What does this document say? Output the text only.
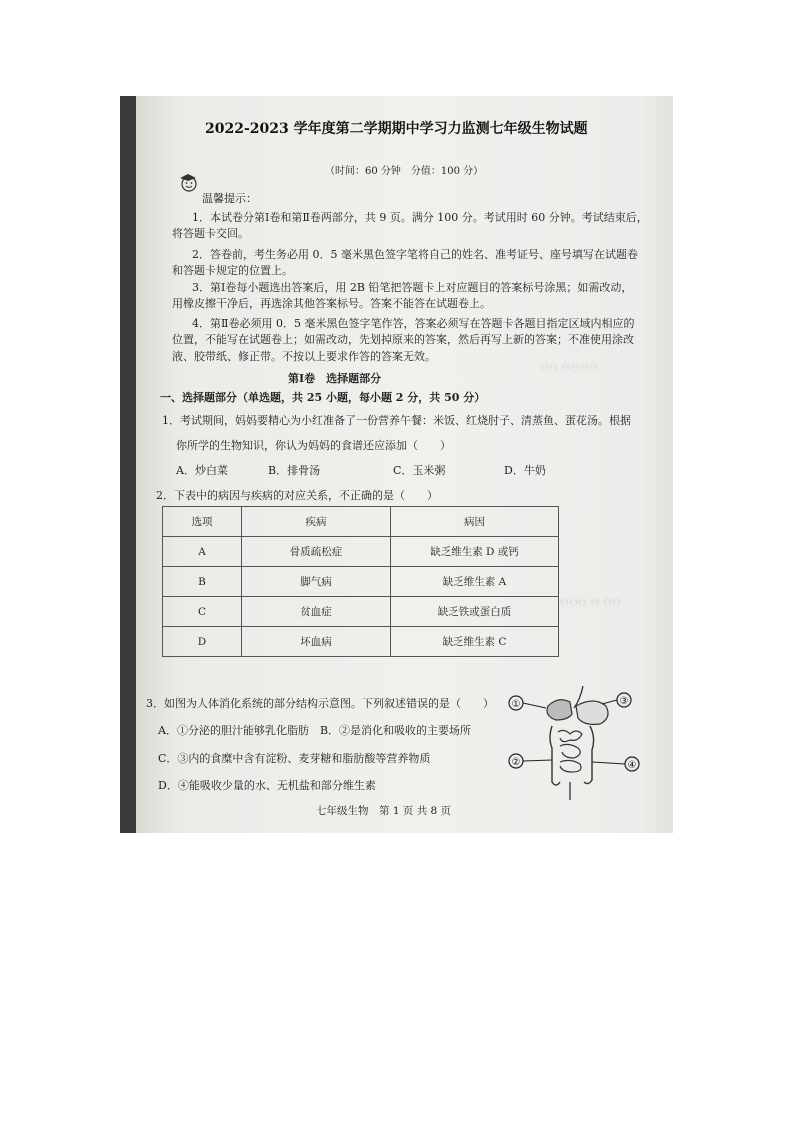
ΘΘ ΘΘΘΘ
ΘΘΘ Θ ΘΘ
2022-2023 学年度第二学期期中学习力监测七年级生物试题
（时间：60 分钟　分值：100 分）
温馨提示：
1．本试卷分第Ⅰ卷和第Ⅱ卷两部分，共 9 页。满分 100 分。考试用时 60 分钟。考试结束后，
将答题卡交回。
2．答卷前，考生务必用 0．5 毫米黑色签字笔将自己的姓名、准考证号、座号填写在试题卷
和答题卡规定的位置上。
3．第Ⅰ卷每小题选出答案后，用 2B 铅笔把答题卡上对应题目的答案标号涂黑；如需改动，
用橡皮擦干净后，再选涂其他答案标号。答案不能答在试题卷上。
4．第Ⅱ卷必须用 0．5 毫米黑色签字笔作答，答案必须写在答题卡各题目指定区域内相应的
位置，不能写在试题卷上；如需改动，先划掉原来的答案，然后再写上新的答案；不准使用涂改
液、胶带纸、修正带。不按以上要求作答的答案无效。
第Ⅰ卷　选择题部分
一、选择题部分（单选题，共 25 小题，每小题 2 分，共 50 分）
1．考试期间，妈妈要精心为小红准备了一份营养午餐：米饭、红烧肘子、清蒸鱼、蛋花汤。根据
你所学的生物知识，你认为妈妈的食谱还应添加（　　）
A．炒白菜	B．排骨汤	C．玉米粥	D．牛奶
2．下表中的病因与疾病的对应关系，不正确的是（　　）
选项	疾病	病因
A	骨质疏松症	缺乏维生素 D 或钙
B	脚气病	缺乏维生素 A
C	贫血症	缺乏铁或蛋白质
D	坏血病	缺乏维生素 C
3．如图为人体消化系统的部分结构示意图。下列叙述错误的是（　　）
A．①分泌的胆汁能够乳化脂肪　B．②是消化和吸收的主要场所
C．③内的食糜中含有淀粉、麦芽糖和脂肪酸等营养物质
D．④能吸收少量的水、无机盐和部分维生素
①	③
②	④
七年级生物　第 1 页 共 8 页
